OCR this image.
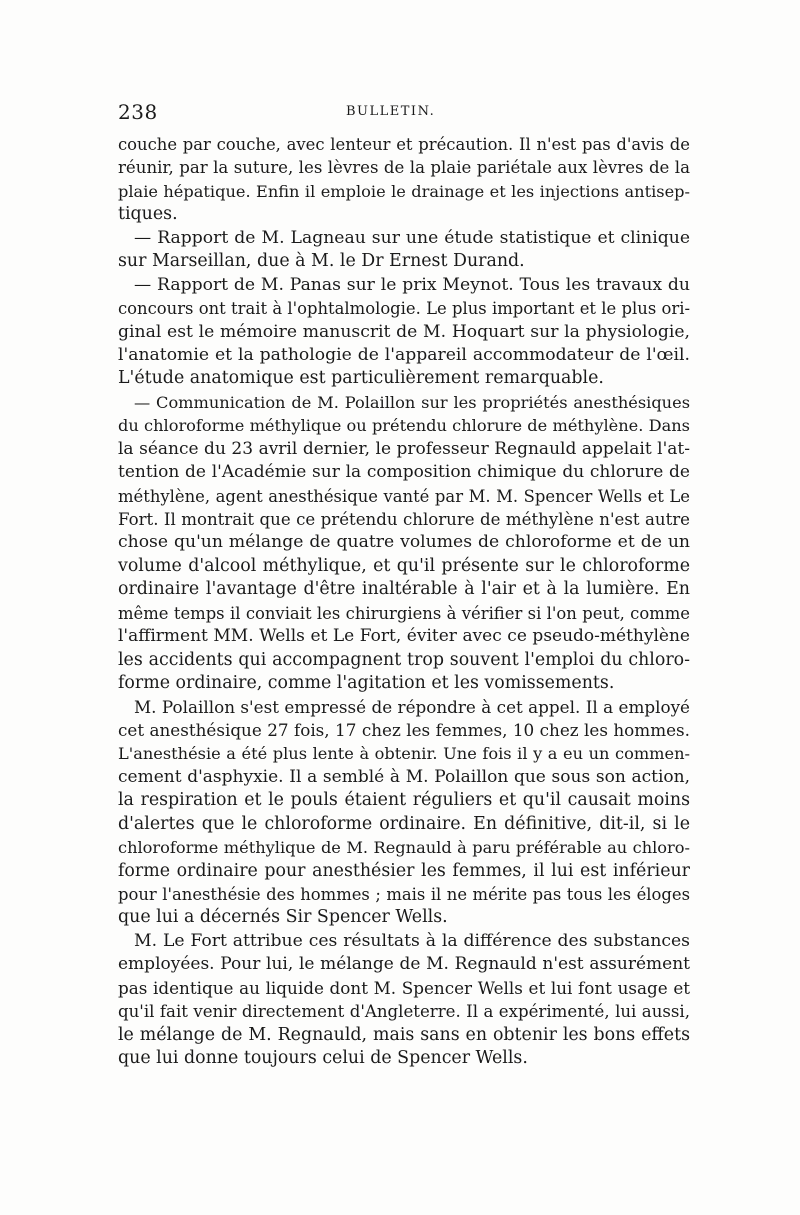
238	BULLETIN.
couche par couche, avec lenteur et précaution. Il n'est pas d'avis de
réunir, par la suture, les lèvres de la plaie pariétale aux lèvres de la
plaie hépatique. Enfin il emploie le drainage et les injections antisep-
tiques.
— Rapport de M. Lagneau sur une étude statistique et clinique
sur Marseillan, due à M. le Dr Ernest Durand.
— Rapport de M. Panas sur le prix Meynot. Tous les travaux du
concours ont trait à l'ophtalmologie. Le plus important et le plus ori-
ginal est le mémoire manuscrit de M. Hoquart sur la physiologie,
l'anatomie et la pathologie de l'appareil accommodateur de l'œil.
L'étude anatomique est particulièrement remarquable.
— Communication de M. Polaillon sur les propriétés anesthésiques
du chloroforme méthylique ou prétendu chlorure de méthylène. Dans
la séance du 23 avril dernier, le professeur Regnauld appelait l'at-
tention de l'Académie sur la composition chimique du chlorure de
méthylène, agent anesthésique vanté par M. M. Spencer Wells et Le
Fort. Il montrait que ce prétendu chlorure de méthylène n'est autre
chose qu'un mélange de quatre volumes de chloroforme et de un
volume d'alcool méthylique, et qu'il présente sur le chloroforme
ordinaire l'avantage d'être inaltérable à l'air et à la lumière. En
même temps il conviait les chirurgiens à vérifier si l'on peut, comme
l'affirment MM. Wells et Le Fort, éviter avec ce pseudo-méthylène
les accidents qui accompagnent trop souvent l'emploi du chloro-
forme ordinaire, comme l'agitation et les vomissements.
M. Polaillon s'est empressé de répondre à cet appel. Il a employé
cet anesthésique 27 fois, 17 chez les femmes, 10 chez les hommes.
L'anesthésie a été plus lente à obtenir. Une fois il y a eu un commen-
cement d'asphyxie. Il a semblé à M. Polaillon que sous son action,
la respiration et le pouls étaient réguliers et qu'il causait moins
d'alertes que le chloroforme ordinaire. En définitive, dit-il, si le
chloroforme méthylique de M. Regnauld à paru préférable au chloro-
forme ordinaire pour anesthésier les femmes, il lui est inférieur
pour l'anesthésie des hommes ; mais il ne mérite pas tous les éloges
que lui a décernés Sir Spencer Wells.
M. Le Fort attribue ces résultats à la différence des substances
employées. Pour lui, le mélange de M. Regnauld n'est assurément
pas identique au liquide dont M. Spencer Wells et lui font usage et
qu'il fait venir directement d'Angleterre. Il a expérimenté, lui aussi,
le mélange de M. Regnauld, mais sans en obtenir les bons effets
que lui donne toujours celui de Spencer Wells.
